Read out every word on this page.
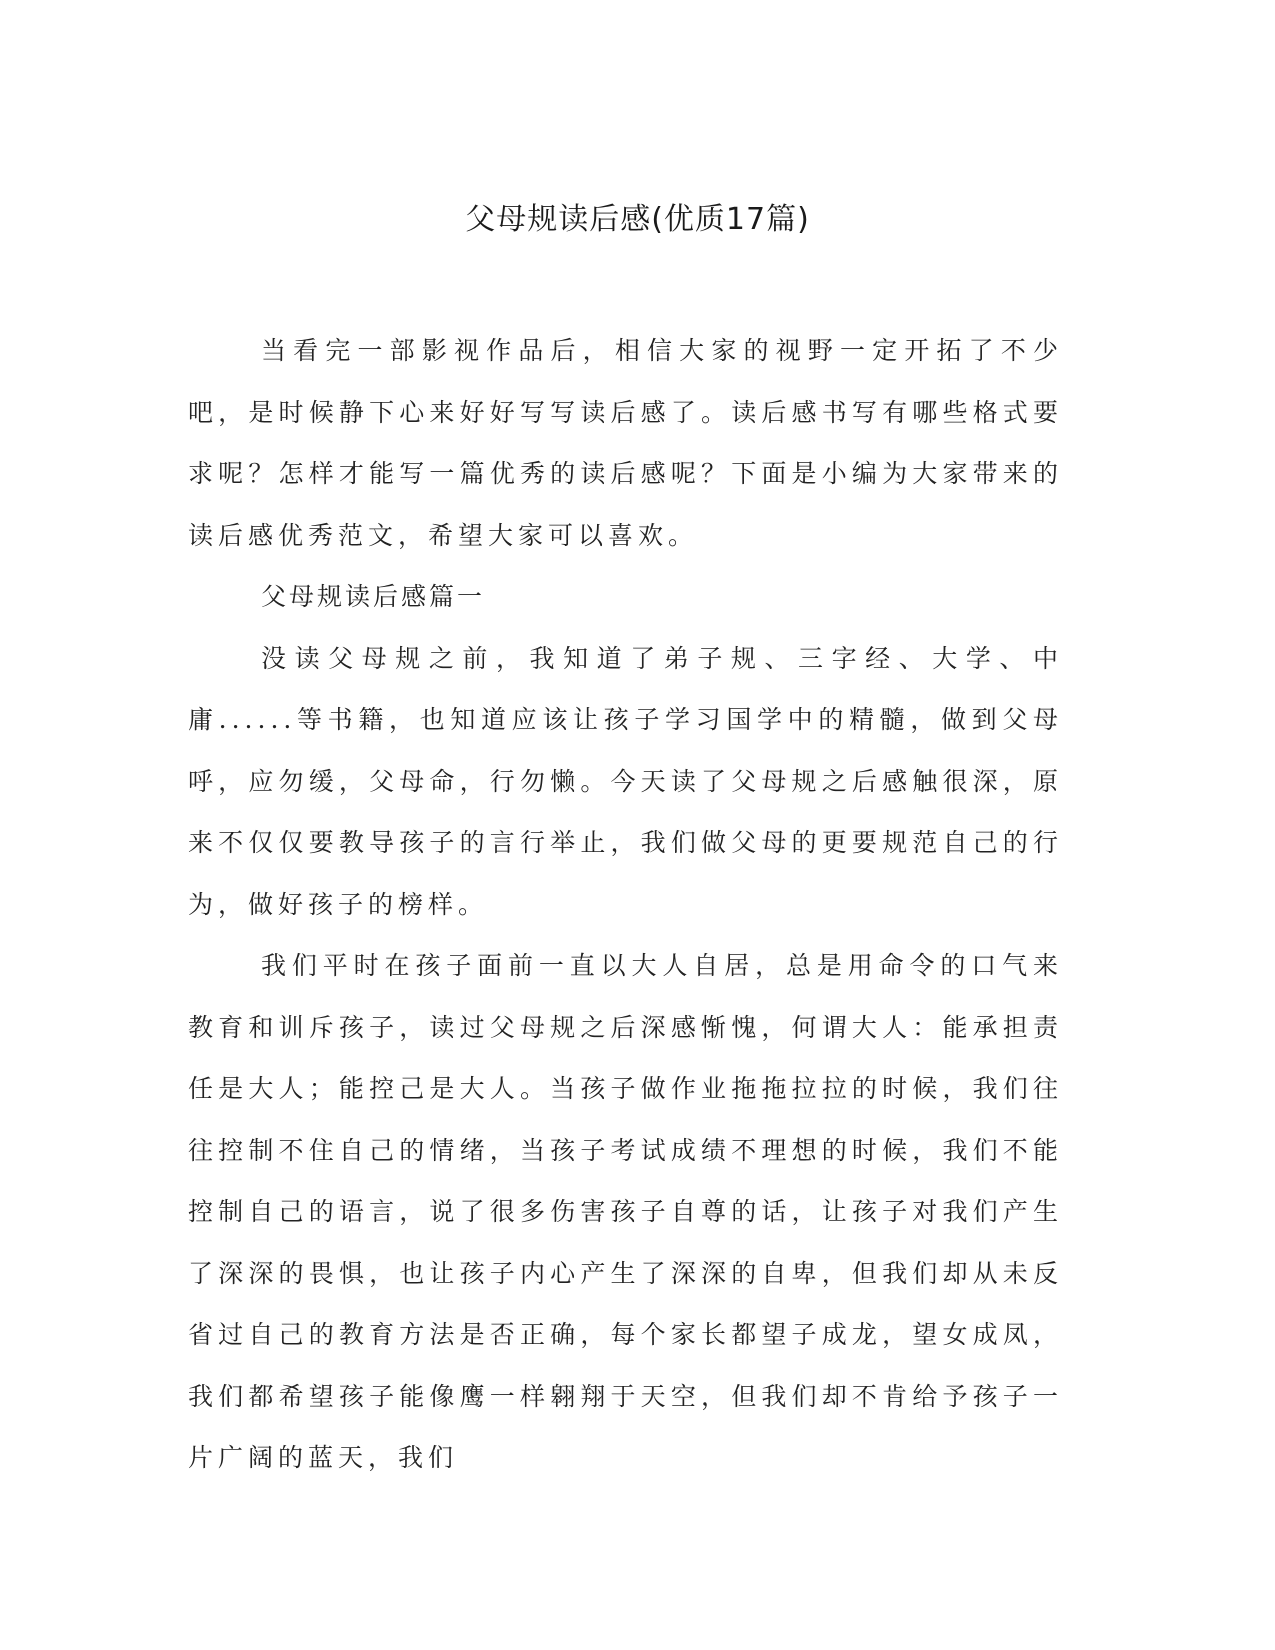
父母规读后感(优质17篇)

当看完一部影视作品后，相信大家的视野一定开拓了不少吧，是时候静下心来好好写写读后感了。读后感书写有哪些格式要求呢？怎样才能写一篇优秀的读后感呢？下面是小编为大家带来的读后感优秀范文，希望大家可以喜欢。

父母规读后感篇一

没读父母规之前，我知道了弟子规、三字经、大学、中庸......等书籍，也知道应该让孩子学习国学中的精髓，做到父母呼，应勿缓，父母命，行勿懒。今天读了父母规之后感触很深，原来不仅仅要教导孩子的言行举止，我们做父母的更要规范自己的行为，做好孩子的榜样。

我们平时在孩子面前一直以大人自居，总是用命令的口气来教育和训斥孩子，读过父母规之后深感惭愧，何谓大人：能承担责任是大人；能控己是大人。当孩子做作业拖拖拉拉的时候，我们往往控制不住自己的情绪，当孩子考试成绩不理想的时候，我们不能控制自己的语言，说了很多伤害孩子自尊的话，让孩子对我们产生了深深的畏惧，也让孩子内心产生了深深的自卑，但我们却从未反省过自己的教育方法是否正确，每个家长都望子成龙，望女成凤，我们都希望孩子能像鹰一样翱翔于天空，但我们却不肯给予孩子一片广阔的蓝天，我们
